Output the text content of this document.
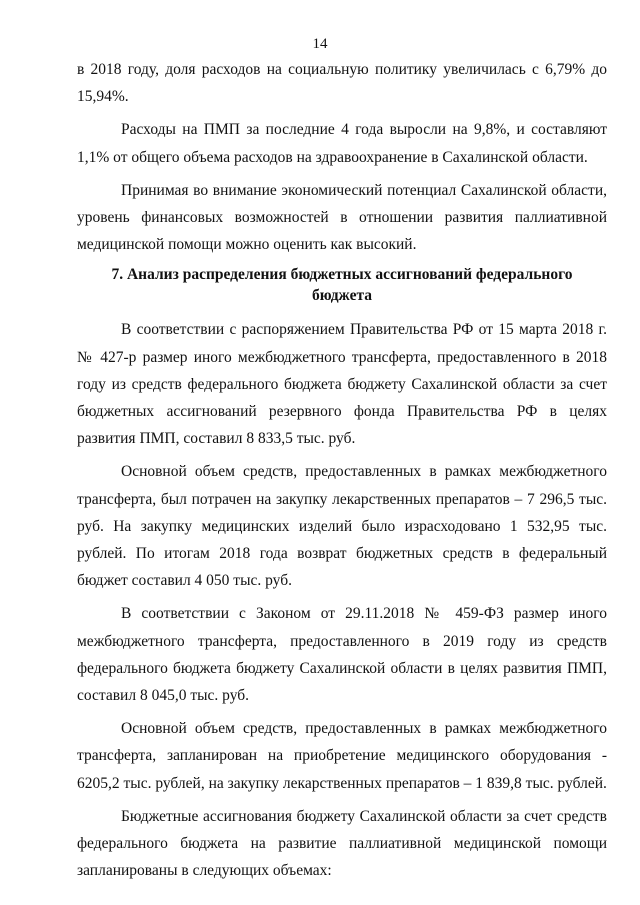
14

в 2018 году, доля расходов на социальную политику увеличилась с 6,79% до 15,94%.

Расходы на ПМП за последние 4 года выросли на 9,8%, и составляют 1,1% от общего объема расходов на здравоохранение в Сахалинской области.

Принимая во внимание экономический потенциал Сахалинской области, уровень финансовых возможностей в отношении развития паллиативной медицинской помощи можно оценить как высокий.

7. Анализ распределения бюджетных ассигнований федерального бюджета

В соответствии с распоряжением Правительства РФ от 15 марта 2018 г. № 427-р размер иного межбюджетного трансферта, предоставленного в 2018 году из средств федерального бюджета бюджету Сахалинской области за счет бюджетных ассигнований резервного фонда Правительства РФ в целях развития ПМП, составил 8 833,5 тыс. руб.

Основной объем средств, предоставленных в рамках межбюджетного трансферта, был потрачен на закупку лекарственных препаратов – 7 296,5 тыс. руб. На закупку медицинских изделий было израсходовано 1 532,95 тыс. рублей. По итогам 2018 года возврат бюджетных средств в федеральный бюджет составил 4 050 тыс. руб.

В соответствии с Законом от 29.11.2018 № 459-ФЗ размер иного межбюджетного трансферта, предоставленного в 2019 году из средств федерального бюджета бюджету Сахалинской области в целях развития ПМП, составил 8 045,0 тыс. руб.

Основной объем средств, предоставленных в рамках межбюджетного трансферта, запланирован на приобретение медицинского оборудования - 6205,2 тыс. рублей, на закупку лекарственных препаратов – 1 839,8 тыс. рублей.

Бюджетные ассигнования бюджету Сахалинской области за счет средств федерального бюджета на развитие паллиативной медицинской помощи запланированы в следующих объемах:
